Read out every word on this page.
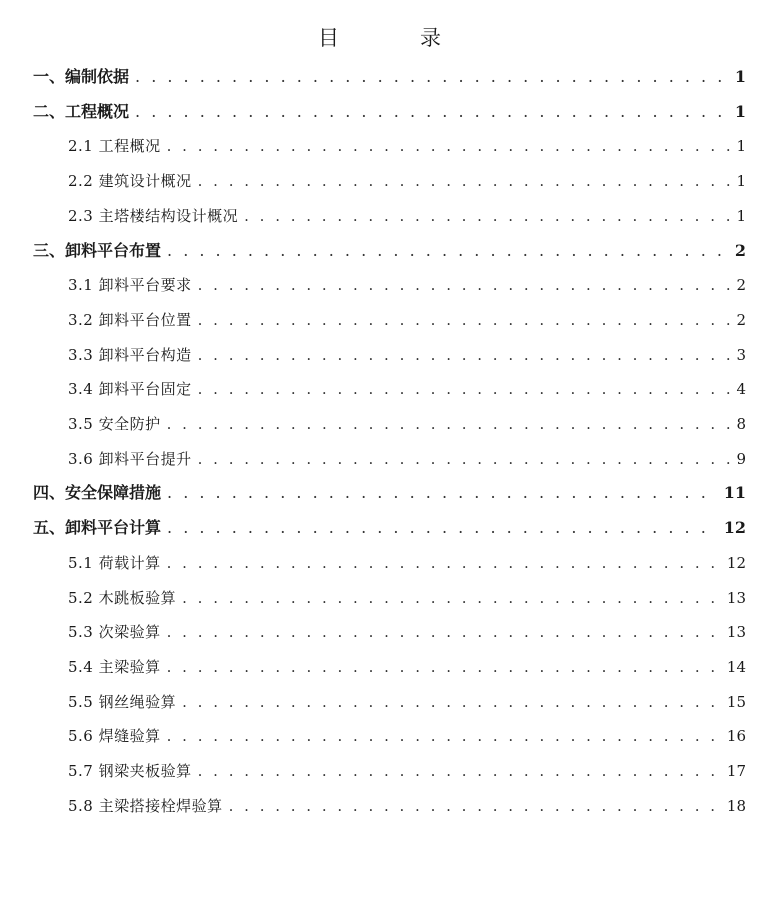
目　录
一、编制依据 . . .	1
二、工程概况 . . .	1
2.1 工程概况 . . .	1
2.2 建筑设计概况 . . .	1
2.3 主塔楼结构设计概况 . . .	1
三、卸料平台布置 . . .	2
3.1 卸料平台要求 . . .	2
3.2 卸料平台位置 . . .	2
3.3 卸料平台构造 . . .	3
3.4 卸料平台固定 . . .	4
3.5 安全防护 . . .	8
3.6 卸料平台提升 . . .	9
四、安全保障措施 . . .	11
五、卸料平台计算 . . .	12
5.1 荷载计算 . . .	12
5.2 木跳板验算 . . .	13
5.3 次梁验算 . . .	13
5.4 主梁验算 . . .	14
5.5 钢丝绳验算 . . .	15
5.6 焊缝验算 . . .	16
5.7 钢梁夹板验算 . . .	17
5.8 主梁搭接栓焊验算 . . .	18
